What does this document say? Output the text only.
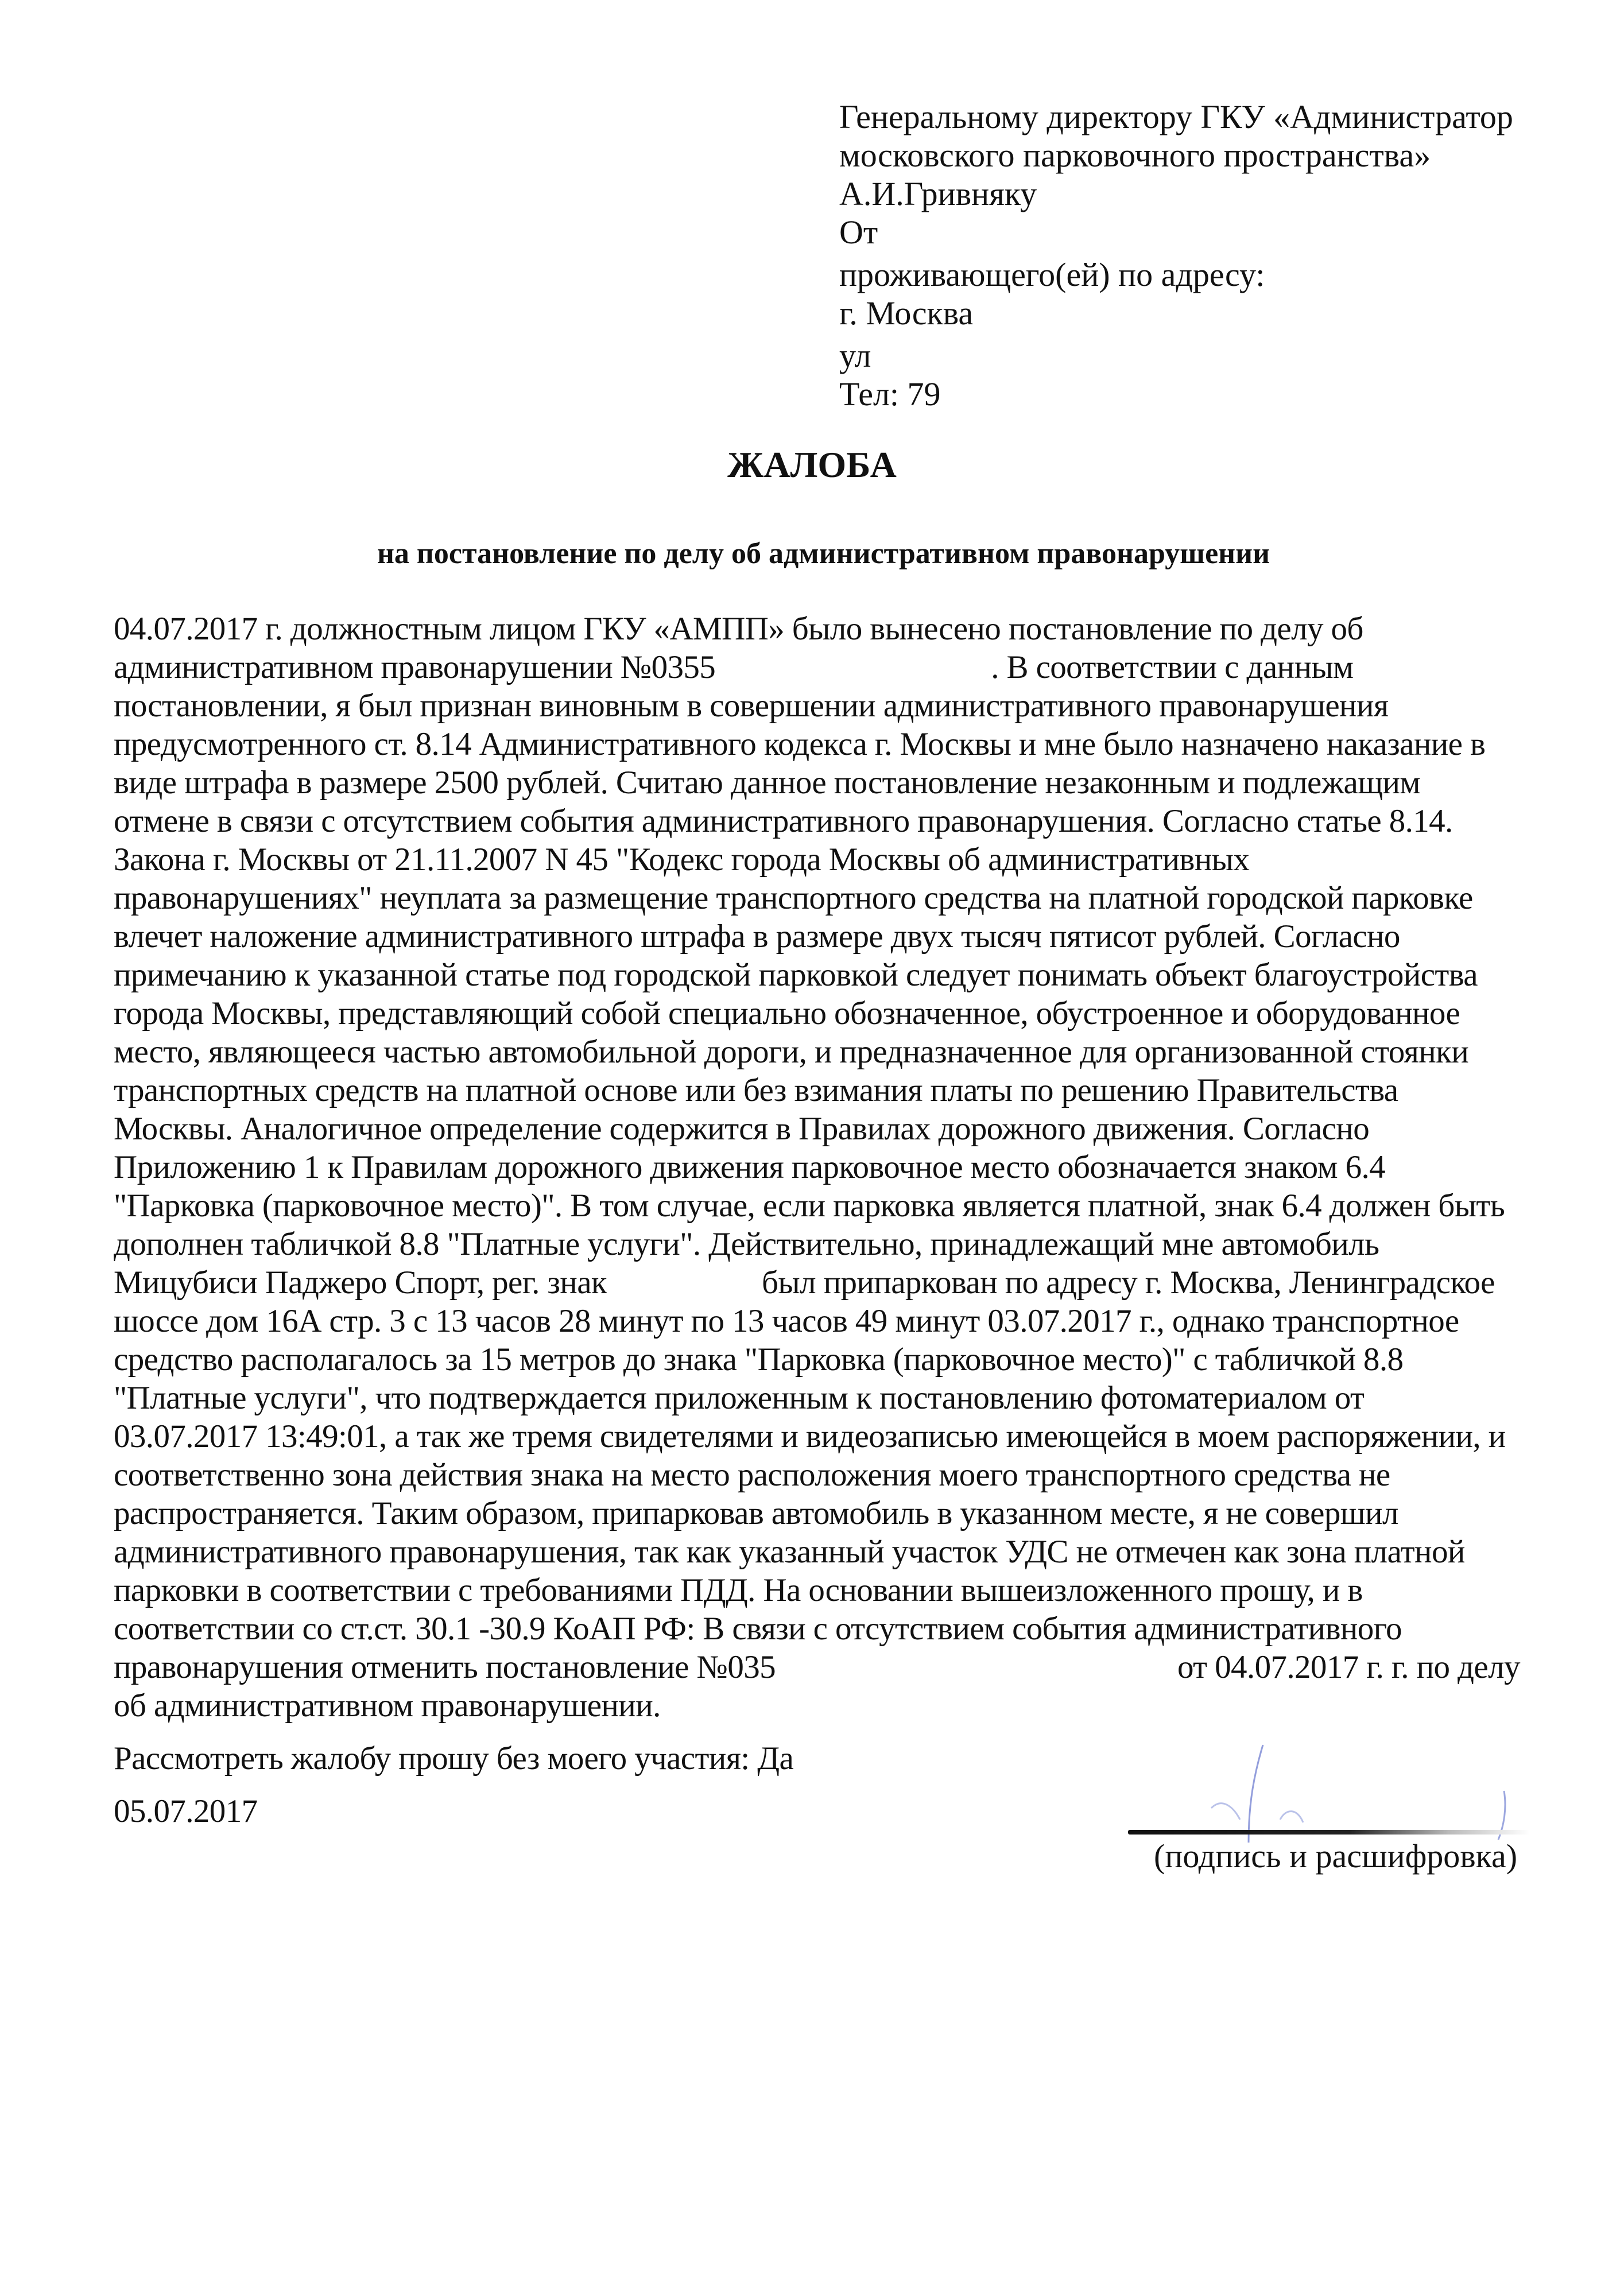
Генеральному директору ГКУ «Администратор
московского парковочного пространства»
А.И.Гривняку
От
проживающего(ей) по адресу:
г. Москва
ул
Тел: 79
ЖАЛОБА
на постановление по делу об административном правонарушении
04.07.2017 г. должностным лицом ГКУ «АМПП» было вынесено постановление по делу об
административном правонарушении №0355	. В соответствии с данным
постановлении, я был признан виновным в совершении административного правонарушения
предусмотренного ст. 8.14 Административного кодекса г. Москвы и мне было назначено наказание в
виде штрафа в размере 2500 рублей. Считаю данное постановление незаконным и подлежащим
отмене в связи с отсутствием события административного правонарушения. Согласно статье 8.14.
Закона г. Москвы от 21.11.2007 N 45 "Кодекс города Москвы об административных
правонарушениях" неуплата за размещение транспортного средства на платной городской парковке
влечет наложение административного штрафа в размере двух тысяч пятисот рублей. Согласно
примечанию к указанной статье под городской парковкой следует понимать объект благоустройства
города Москвы, представляющий собой специально обозначенное, обустроенное и оборудованное
место, являющееся частью автомобильной дороги, и предназначенное для организованной стоянки
транспортных средств на платной основе или без взимания платы по решению Правительства
Москвы. Аналогичное определение содержится в Правилах дорожного движения. Согласно
Приложению 1 к Правилам дорожного движения парковочное место обозначается знаком 6.4
"Парковка (парковочное место)". В том случае, если парковка является платной, знак 6.4 должен быть
дополнен табличкой 8.8 "Платные услуги". Действительно, принадлежащий мне автомобиль
Мицубиси Паджеро Спорт, рег. знак	был припаркован по адресу г. Москва, Ленинградское
шоссе дом 16А стр. 3 с 13 часов 28 минут по 13 часов 49 минут 03.07.2017 г., однако транспортное
средство располагалось за 15 метров до знака "Парковка (парковочное место)" с табличкой 8.8
"Платные услуги", что подтверждается приложенным к постановлению фотоматериалом от
03.07.2017 13:49:01, а так же тремя свидетелями и видеозаписью имеющейся в моем распоряжении, и
соответственно зона действия знака на место расположения моего транспортного средства не
распространяется. Таким образом, припарковав автомобиль в указанном месте, я не совершил
административного правонарушения, так как указанный участок УДС не отмечен как зона платной
парковки в соответствии с требованиями ПДД. На основании вышеизложенного прошу, и в
соответствии со ст.ст. 30.1 -30.9 КоАП РФ: В связи с отсутствием события административного
правонарушения отменить постановление №035	от 04.07.2017 г. г. по делу
об административном правонарушении.
Рассмотреть жалобу прошу без моего участия: Да
05.07.2017
(подпись и расшифровка)
